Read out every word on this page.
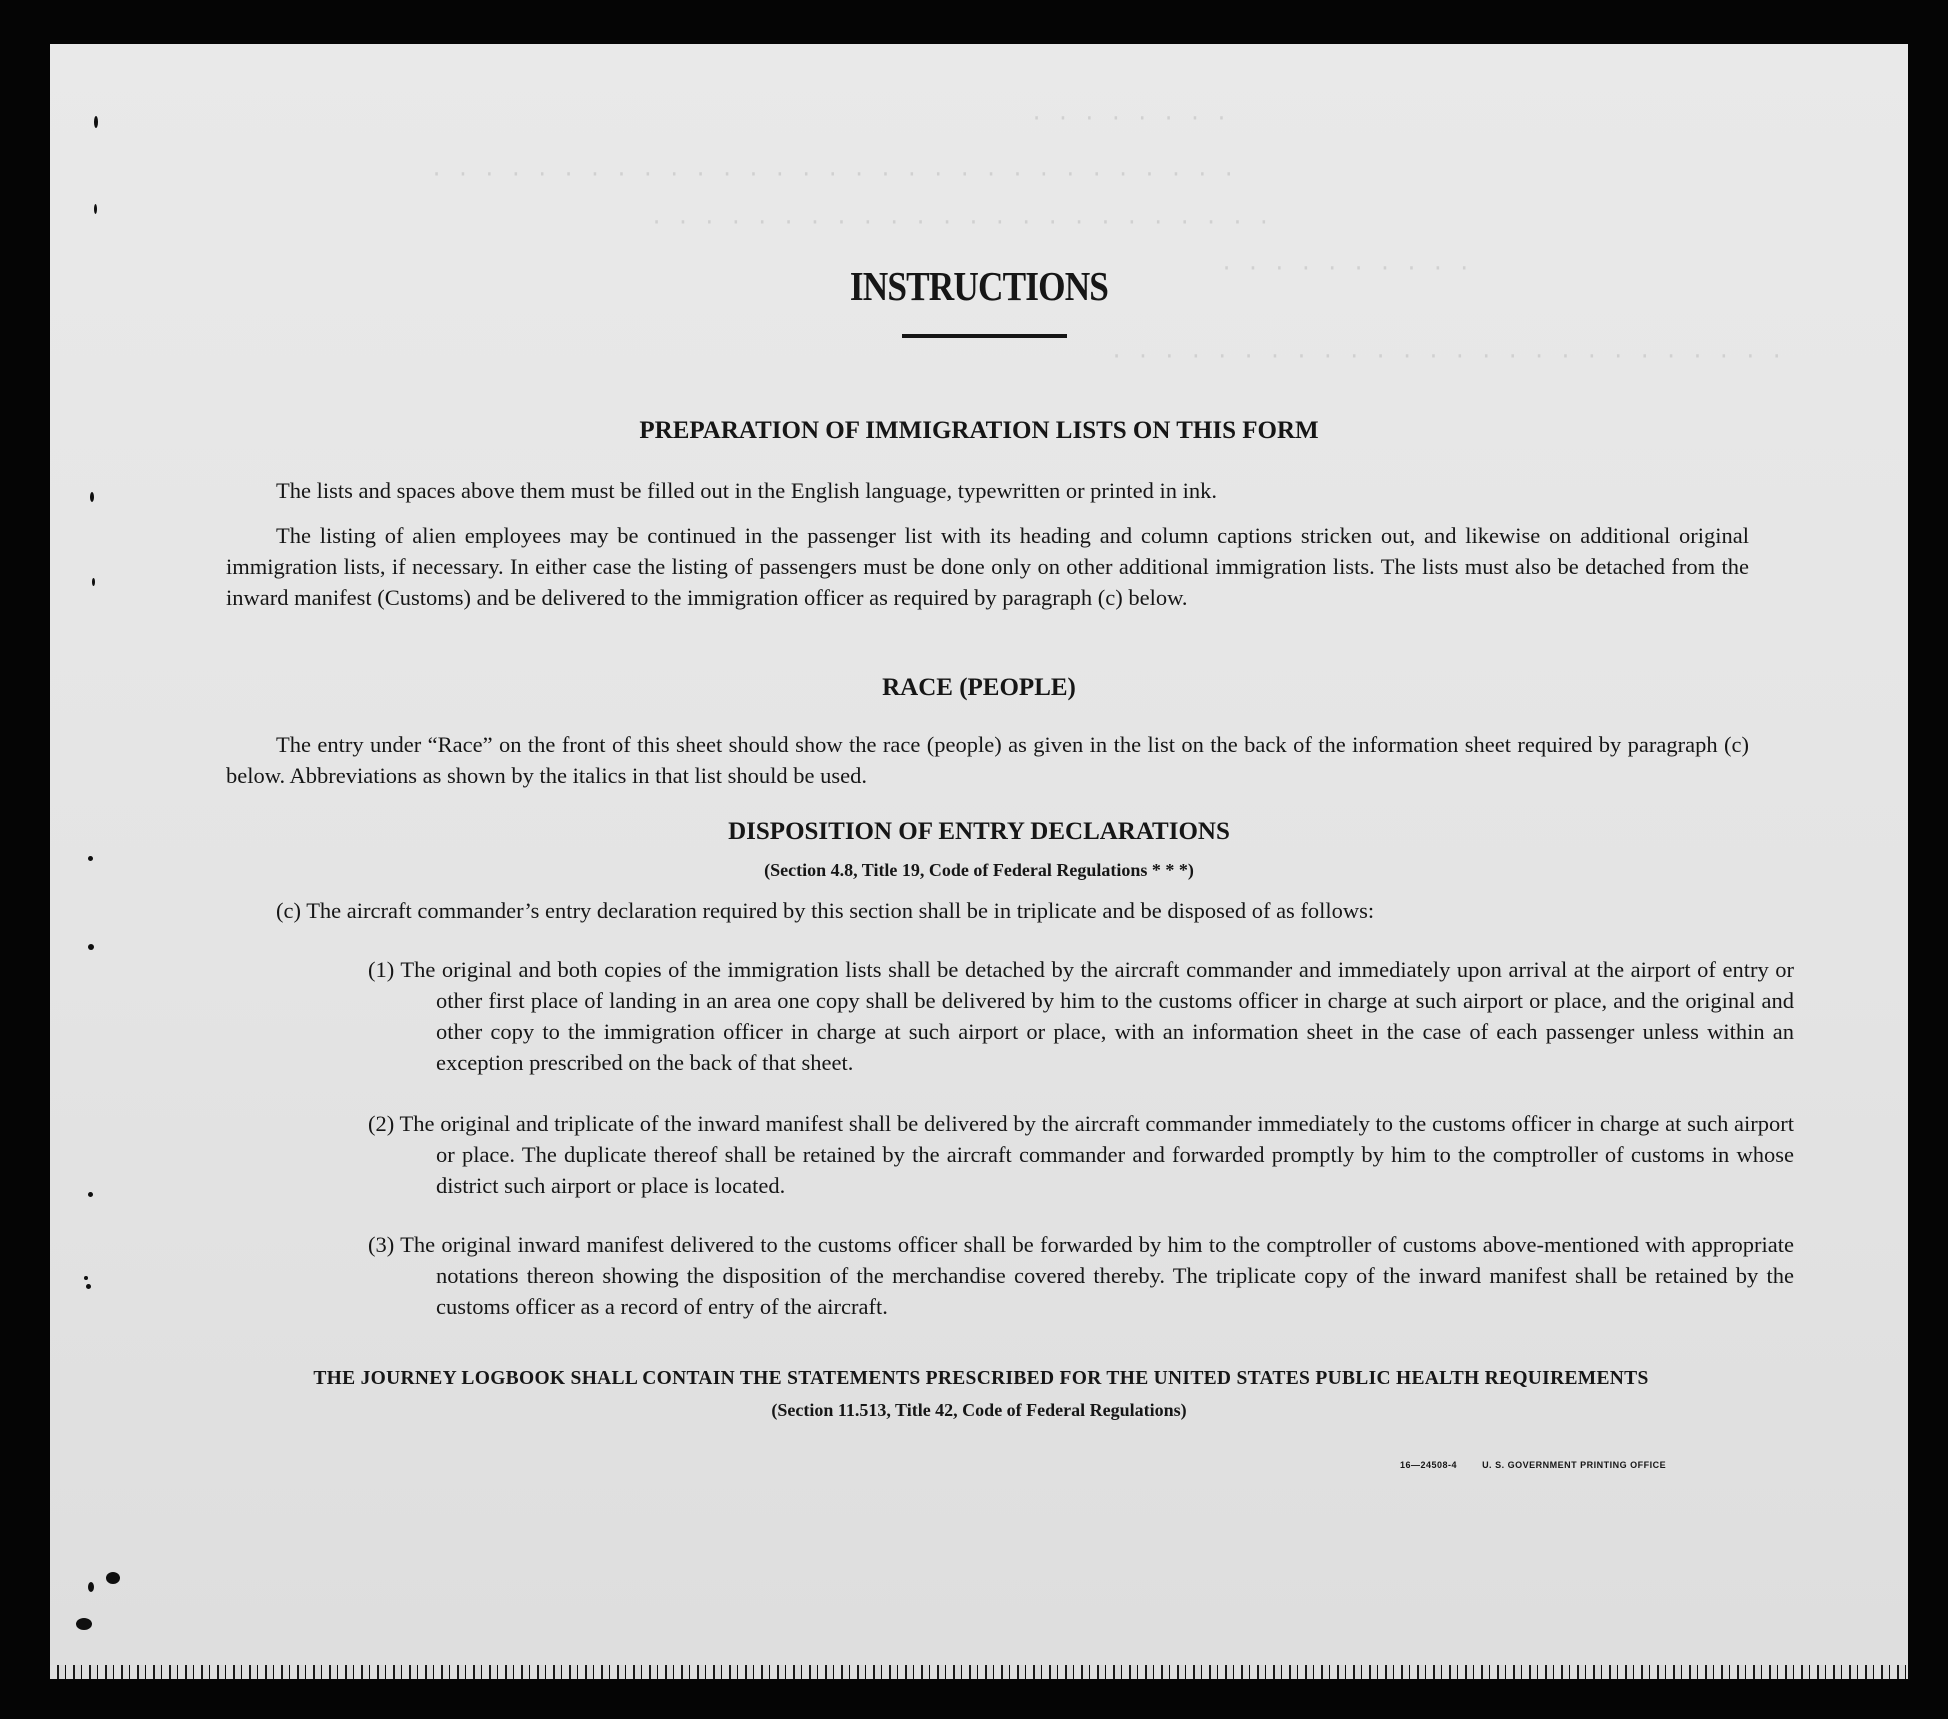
· · · · · · · ·
· · · · · · · · · · · · · · · · · · · · · · · · · · · · · · ·
· · · · · · · · · · · · · · · · · · · · · · · ·
· · · · · · · · · ·
· · · · · · · · · · · · · · · · · · · · · · · · · ·
INSTRUCTIONS
PREPARATION OF IMMIGRATION LISTS ON THIS FORM
The lists and spaces above them must be filled out in the English language, typewritten or printed in ink.
The listing of alien employees may be continued in the passenger list with its heading and column captions stricken out, and likewise on additional original immigration lists, if necessary. In either case the listing of passengers must be done only on other additional immigration lists. The lists must also be detached from the inward manifest (Customs) and be delivered to the immigration officer as required by paragraph (c) below.
RACE (PEOPLE)
The entry under “Race” on the front of this sheet should show the race (people) as given in the list on the back of the information sheet required by paragraph (c) below. Abbreviations as shown by the italics in that list should be used.
DISPOSITION OF ENTRY DECLARATIONS
(Section 4.8, Title 19, Code of Federal Regulations * * *)
(c) The aircraft commander’s entry declaration required by this section shall be in triplicate and be disposed of as follows:
(1) The original and both copies of the immigration lists shall be detached by the aircraft commander and immediately upon arrival at the airport of entry or other first place of landing in an area one copy shall be delivered by him to the customs officer in charge at such airport or place, and the original and other copy to the immigration officer in charge at such airport or place, with an information sheet in the case of each passenger unless within an exception prescribed on the back of that sheet.
(2) The original and triplicate of the inward manifest shall be delivered by the aircraft commander immediately to the customs officer in charge at such airport or place. The duplicate thereof shall be retained by the aircraft commander and forwarded promptly by him to the comptroller of customs in whose district such airport or place is located.
(3) The original inward manifest delivered to the customs officer shall be forwarded by him to the comptroller of customs above-mentioned with appropriate notations thereon showing the disposition of the merchandise covered thereby. The triplicate copy of the inward manifest shall be retained by the customs officer as a record of entry of the aircraft.
THE JOURNEY LOGBOOK SHALL CONTAIN THE STATEMENTS PRESCRIBED FOR THE UNITED STATES PUBLIC HEALTH REQUIREMENTS
(Section 11.513, Title 42, Code of Federal Regulations)
16—24508-4	U. S. GOVERNMENT PRINTING OFFICE
